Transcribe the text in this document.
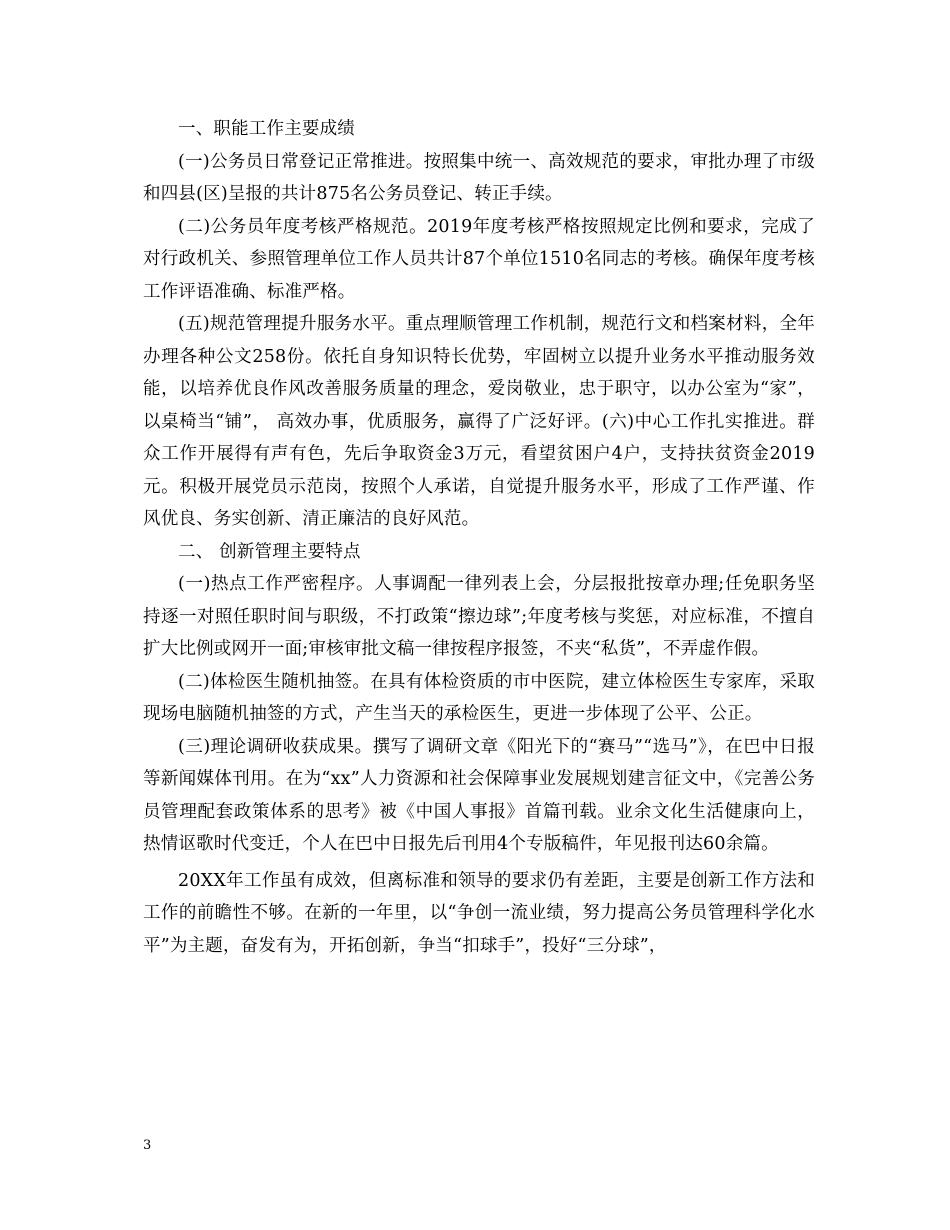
一、职能工作主要成绩

(一)公务员日常登记正常推进。按照集中统一、高效规范的要求，审批办理了市级和四县(区)呈报的共计875名公务员登记、转正手续。

(二)公务员年度考核严格规范。2019年度考核严格按照规定比例和要求，完成了对行政机关、参照管理单位工作人员共计87个单位1510名同志的考核。确保年度考核工作评语准确、标准严格。

(五)规范管理提升服务水平。重点理顺管理工作机制，规范行文和档案材料，全年办理各种公文258份。依托自身知识特长优势，牢固树立以提升业务水平推动服务效能，以培养优良作风改善服务质量的理念，爱岗敬业，忠于职守，以办公室为“家”，以桌椅当“铺”， 高效办事，优质服务，赢得了广泛好评。(六)中心工作扎实推进。群众工作开展得有声有色，先后争取资金3万元，看望贫困户4户，支持扶贫资金2019元。积极开展党员示范岗，按照个人承诺，自觉提升服务水平，形成了工作严谨、作风优良、务实创新、清正廉洁的良好风范。

二、 创新管理主要特点

(一)热点工作严密程序。人事调配一律列表上会，分层报批按章办理;任免职务坚持逐一对照任职时间与职级，不打政策“擦边球”;年度考核与奖惩，对应标准，不擅自扩大比例或网开一面;审核审批文稿一律按程序报签，不夹“私货”，不弄虚作假。

(二)体检医生随机抽签。在具有体检资质的市中医院，建立体检医生专家库，采取现场电脑随机抽签的方式，产生当天的承检医生，更进一步体现了公平、公正。

(三)理论调研收获成果。撰写了调研文章《阳光下的“赛马”“选马”》，在巴中日报等新闻媒体刊用。在为“xx”人力资源和社会保障事业发展规划建言征文中，《完善公务员管理配套政策体系的思考》被《中国人事报》首篇刊载。业余文化生活健康向上，热情讴歌时代变迁，个人在巴中日报先后刊用4个专版稿件，年见报刊达60余篇。

20XX年工作虽有成效，但离标准和领导的要求仍有差距，主要是创新工作方法和工作的前瞻性不够。在新的一年里，以“争创一流业绩，努力提高公务员管理科学化水平”为主题，奋发有为，开拓创新，争当“扣球手”，投好“三分球”，

3
